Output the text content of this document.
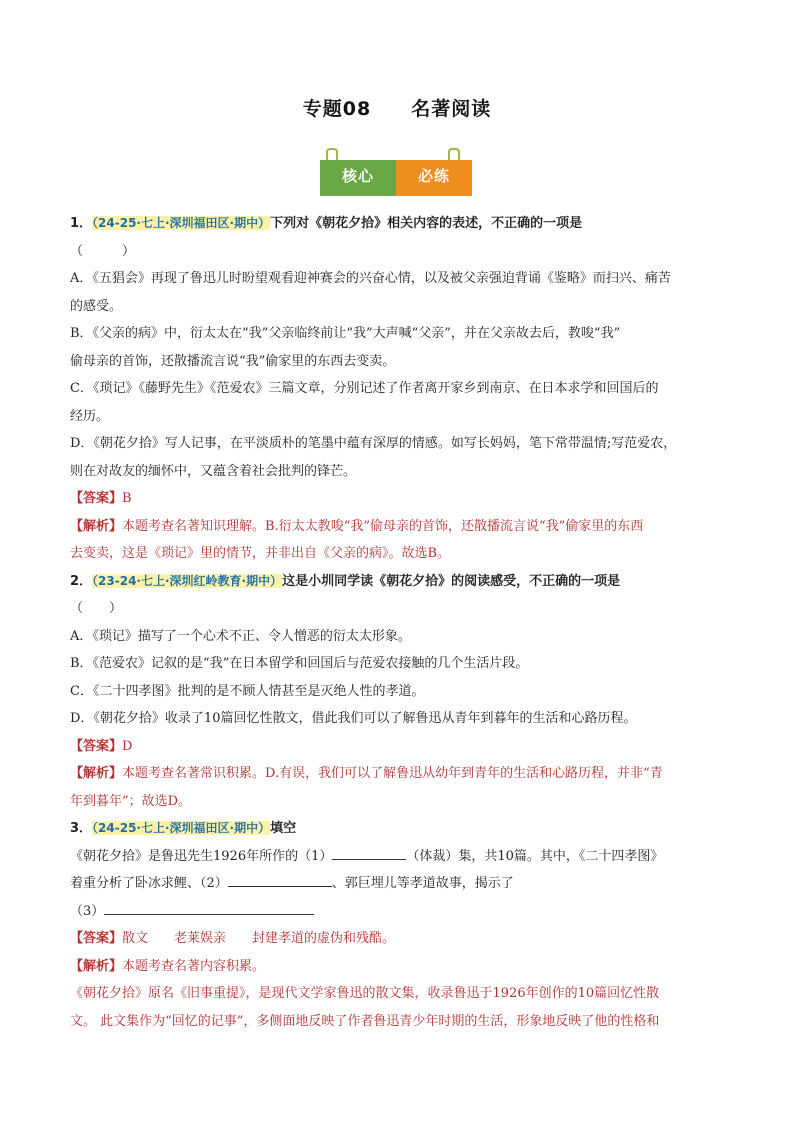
专题08 名著阅读
核心	必练
1．（24-25·七上·深圳福田区·期中）下列对《朝花夕拾》相关内容的表述，不正确的一项是
（　　　）
A．《五猖会》再现了鲁迅儿时盼望观看迎神赛会的兴奋心情，以及被父亲强迫背诵《鉴略》而扫兴、痛苦
的感受。
B．《父亲的病》中，衍太太在“我”父亲临终前让“我”大声喊“父亲”，并在父亲故去后，教唆“我”
偷母亲的首饰，还散播流言说“我”偷家里的东西去变卖。
C．《琐记》《藤野先生》《范爱农》三篇文章，分别记述了作者离开家乡到南京、在日本求学和回国后的
经历。
D．《朝花夕拾》写人记事，在平淡质朴的笔墨中蕴有深厚的情感。如写长妈妈，笔下常带温情;写范爱农，
则在对故友的缅怀中，又蕴含着社会批判的锋芒。
【答案】B
【解析】本题考查名著知识理解。B.衍太太教唆“我”偷母亲的首饰，还散播流言说“我”偷家里的东西
去变卖，这是《琐记》里的情节，并非出自《父亲的病》。故选B。
2．（23-24·七上·深圳红岭教育·期中）这是小圳同学读《朝花夕拾》的阅读感受，不正确的一项是
（　　）
A．《琐记》描写了一个心术不正、令人憎恶的衍太太形象。
B．《范爱农》记叙的是“我”在日本留学和回国后与范爱农接触的几个生活片段。
C．《二十四孝图》批判的是不顾人情甚至是灭绝人性的孝道。
D．《朝花夕拾》收录了10篇回忆性散文，借此我们可以了解鲁迅从青年到暮年的生活和心路历程。
【答案】D
【解析】本题考查名著常识积累。D.有误，我们可以了解鲁迅从幼年到青年的生活和心路历程，并非“青
年到暮年”；故选D。
3．（24-25·七上·深圳福田区·期中）填空
《朝花夕拾》是鲁迅先生1926年所作的（1）	（体裁）集，共10篇。其中，《二十四孝图》
着重分析了卧冰求鲤、（2）	、郭巨埋儿等孝道故事，揭示了
（3）
【答案】散文　　老莱娱亲　　封建孝道的虚伪和残酷。
【解析】本题考查名著内容积累。
《朝花夕拾》原名《旧事重提》，是现代文学家鲁迅的散文集，收录鲁迅于1926年创作的10篇回忆性散
文。 此文集作为“回忆的记事”，多侧面地反映了作者鲁迅青少年时期的生活，形象地反映了他的性格和
